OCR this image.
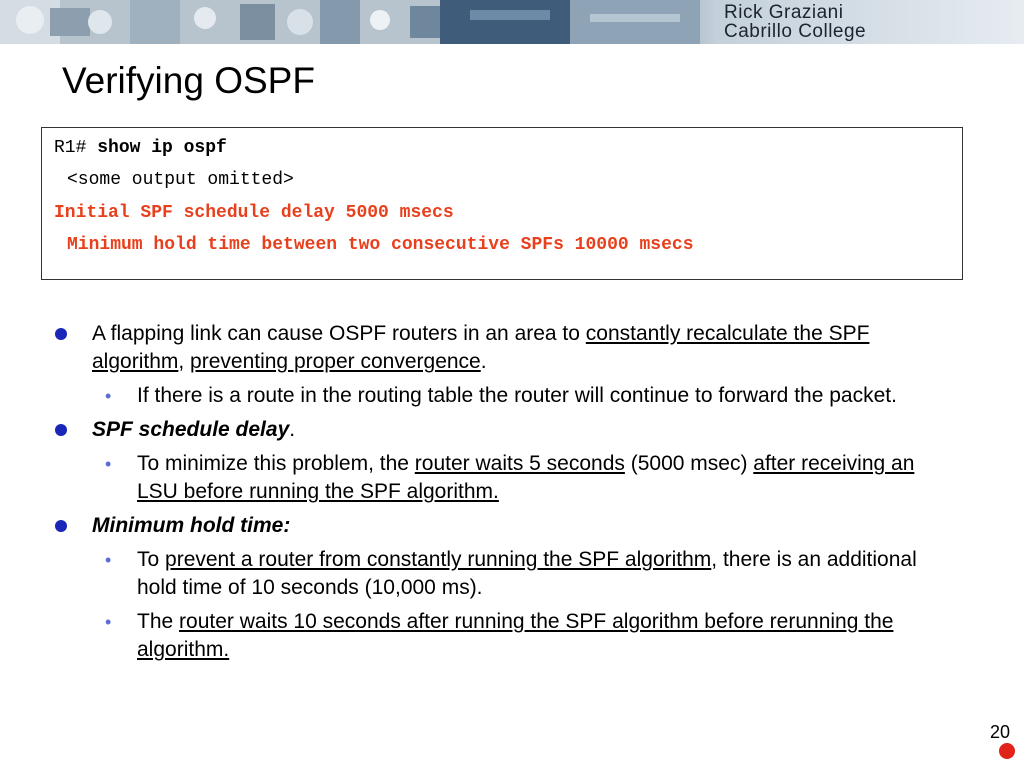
Rick Graziani
Cabrillo College
Verifying OSPF
R1# show ip ospf
<some output omitted>
Initial SPF schedule delay 5000 msecs
Minimum hold time between two consecutive SPFs 10000 msecs
A flapping link can cause OSPF routers in an area to constantly recalculate the SPF algorithm, preventing proper convergence.
• If there is a route in the routing table the router will continue to forward the packet.
SPF schedule delay.
• To minimize this problem, the router waits 5 seconds (5000 msec) after receiving an LSU before running the SPF algorithm.
Minimum hold time:
• To prevent a router from constantly running the SPF algorithm, there is an additional hold time of 10 seconds (10,000 ms).
• The router waits 10 seconds after running the SPF algorithm before rerunning the algorithm.
20
